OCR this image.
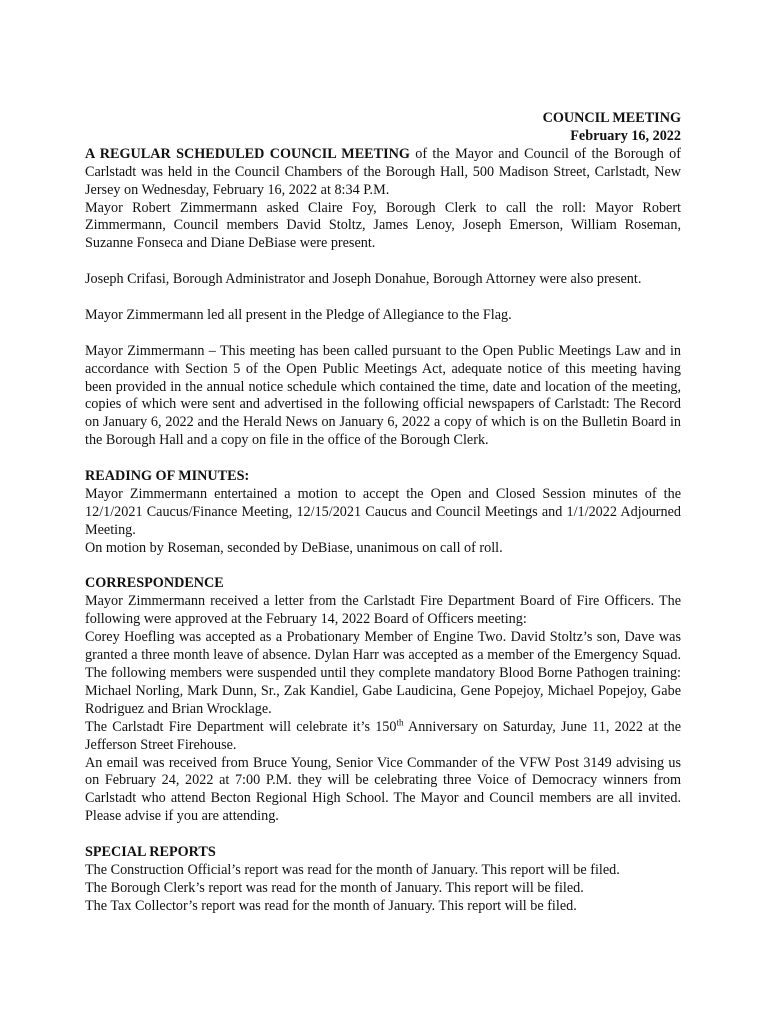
COUNCIL MEETING
February 16, 2022

A REGULAR SCHEDULED COUNCIL MEETING of the Mayor and Council of the Borough of Carlstadt was held in the Council Chambers of the Borough Hall, 500 Madison Street, Carlstadt, New Jersey on Wednesday, February 16, 2022 at 8:34 P.M.

Mayor Robert Zimmermann asked Claire Foy, Borough Clerk to call the roll: Mayor Robert Zimmermann, Council members David Stoltz, James Lenoy, Joseph Emerson, William Roseman, Suzanne Fonseca and Diane DeBiase were present.

Joseph Crifasi, Borough Administrator and Joseph Donahue, Borough Attorney were also present.

Mayor Zimmermann led all present in the Pledge of Allegiance to the Flag.

Mayor Zimmermann – This meeting has been called pursuant to the Open Public Meetings Law and in accordance with Section 5 of the Open Public Meetings Act, adequate notice of this meeting having been provided in the annual notice schedule which contained the time, date and location of the meeting, copies of which were sent and advertised in the following official newspapers of Carlstadt: The Record on January 6, 2022 and the Herald News on January 6, 2022 a copy of which is on the Bulletin Board in the Borough Hall and a copy on file in the office of the Borough Clerk.

READING OF MINUTES:

Mayor Zimmermann entertained a motion to accept the Open and Closed Session minutes of the 12/1/2021 Caucus/Finance Meeting, 12/15/2021 Caucus and Council Meetings and 1/1/2022 Adjourned Meeting.

On motion by Roseman, seconded by DeBiase, unanimous on call of roll.

CORRESPONDENCE

Mayor Zimmermann received a letter from the Carlstadt Fire Department Board of Fire Officers. The following were approved at the February 14, 2022 Board of Officers meeting:

Corey Hoefling was accepted as a Probationary Member of Engine Two. David Stoltz’s son, Dave was granted a three month leave of absence. Dylan Harr was accepted as a member of the Emergency Squad. The following members were suspended until they complete mandatory Blood Borne Pathogen training: Michael Norling, Mark Dunn, Sr., Zak Kandiel, Gabe Laudicina, Gene Popejoy, Michael Popejoy, Gabe Rodriguez and Brian Wrocklage.

The Carlstadt Fire Department will celebrate it’s 150th Anniversary on Saturday, June 11, 2022 at the Jefferson Street Firehouse.

An email was received from Bruce Young, Senior Vice Commander of the VFW Post 3149 advising us on February 24, 2022 at 7:00 P.M. they will be celebrating three Voice of Democracy winners from Carlstadt who attend Becton Regional High School. The Mayor and Council members are all invited. Please advise if you are attending.

SPECIAL REPORTS

The Construction Official’s report was read for the month of January. This report will be filed.

The Borough Clerk’s report was read for the month of January. This report will be filed.

The Tax Collector’s report was read for the month of January. This report will be filed.
